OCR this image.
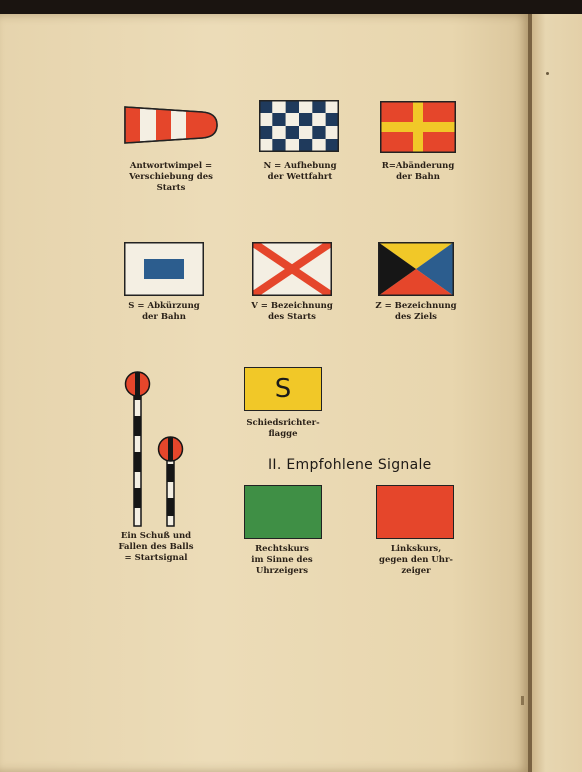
Antwortwimpel =
Verschiebung des
Starts
N = Aufhebung
der Wettfahrt
R=Abänderung
der Bahn
S = Abkürzung
der Bahn
V = Bezeichnung
des Starts
Z = Bezeichnung
des Ziels
Ein Schuß und
Fallen des Balls
= Startsignal
S
Schiedsrichter-
flagge
II. Empfohlene Signale
Rechtskurs
im Sinne des
Uhrzeigers
Linkskurs,
gegen den Uhr-
zeiger
